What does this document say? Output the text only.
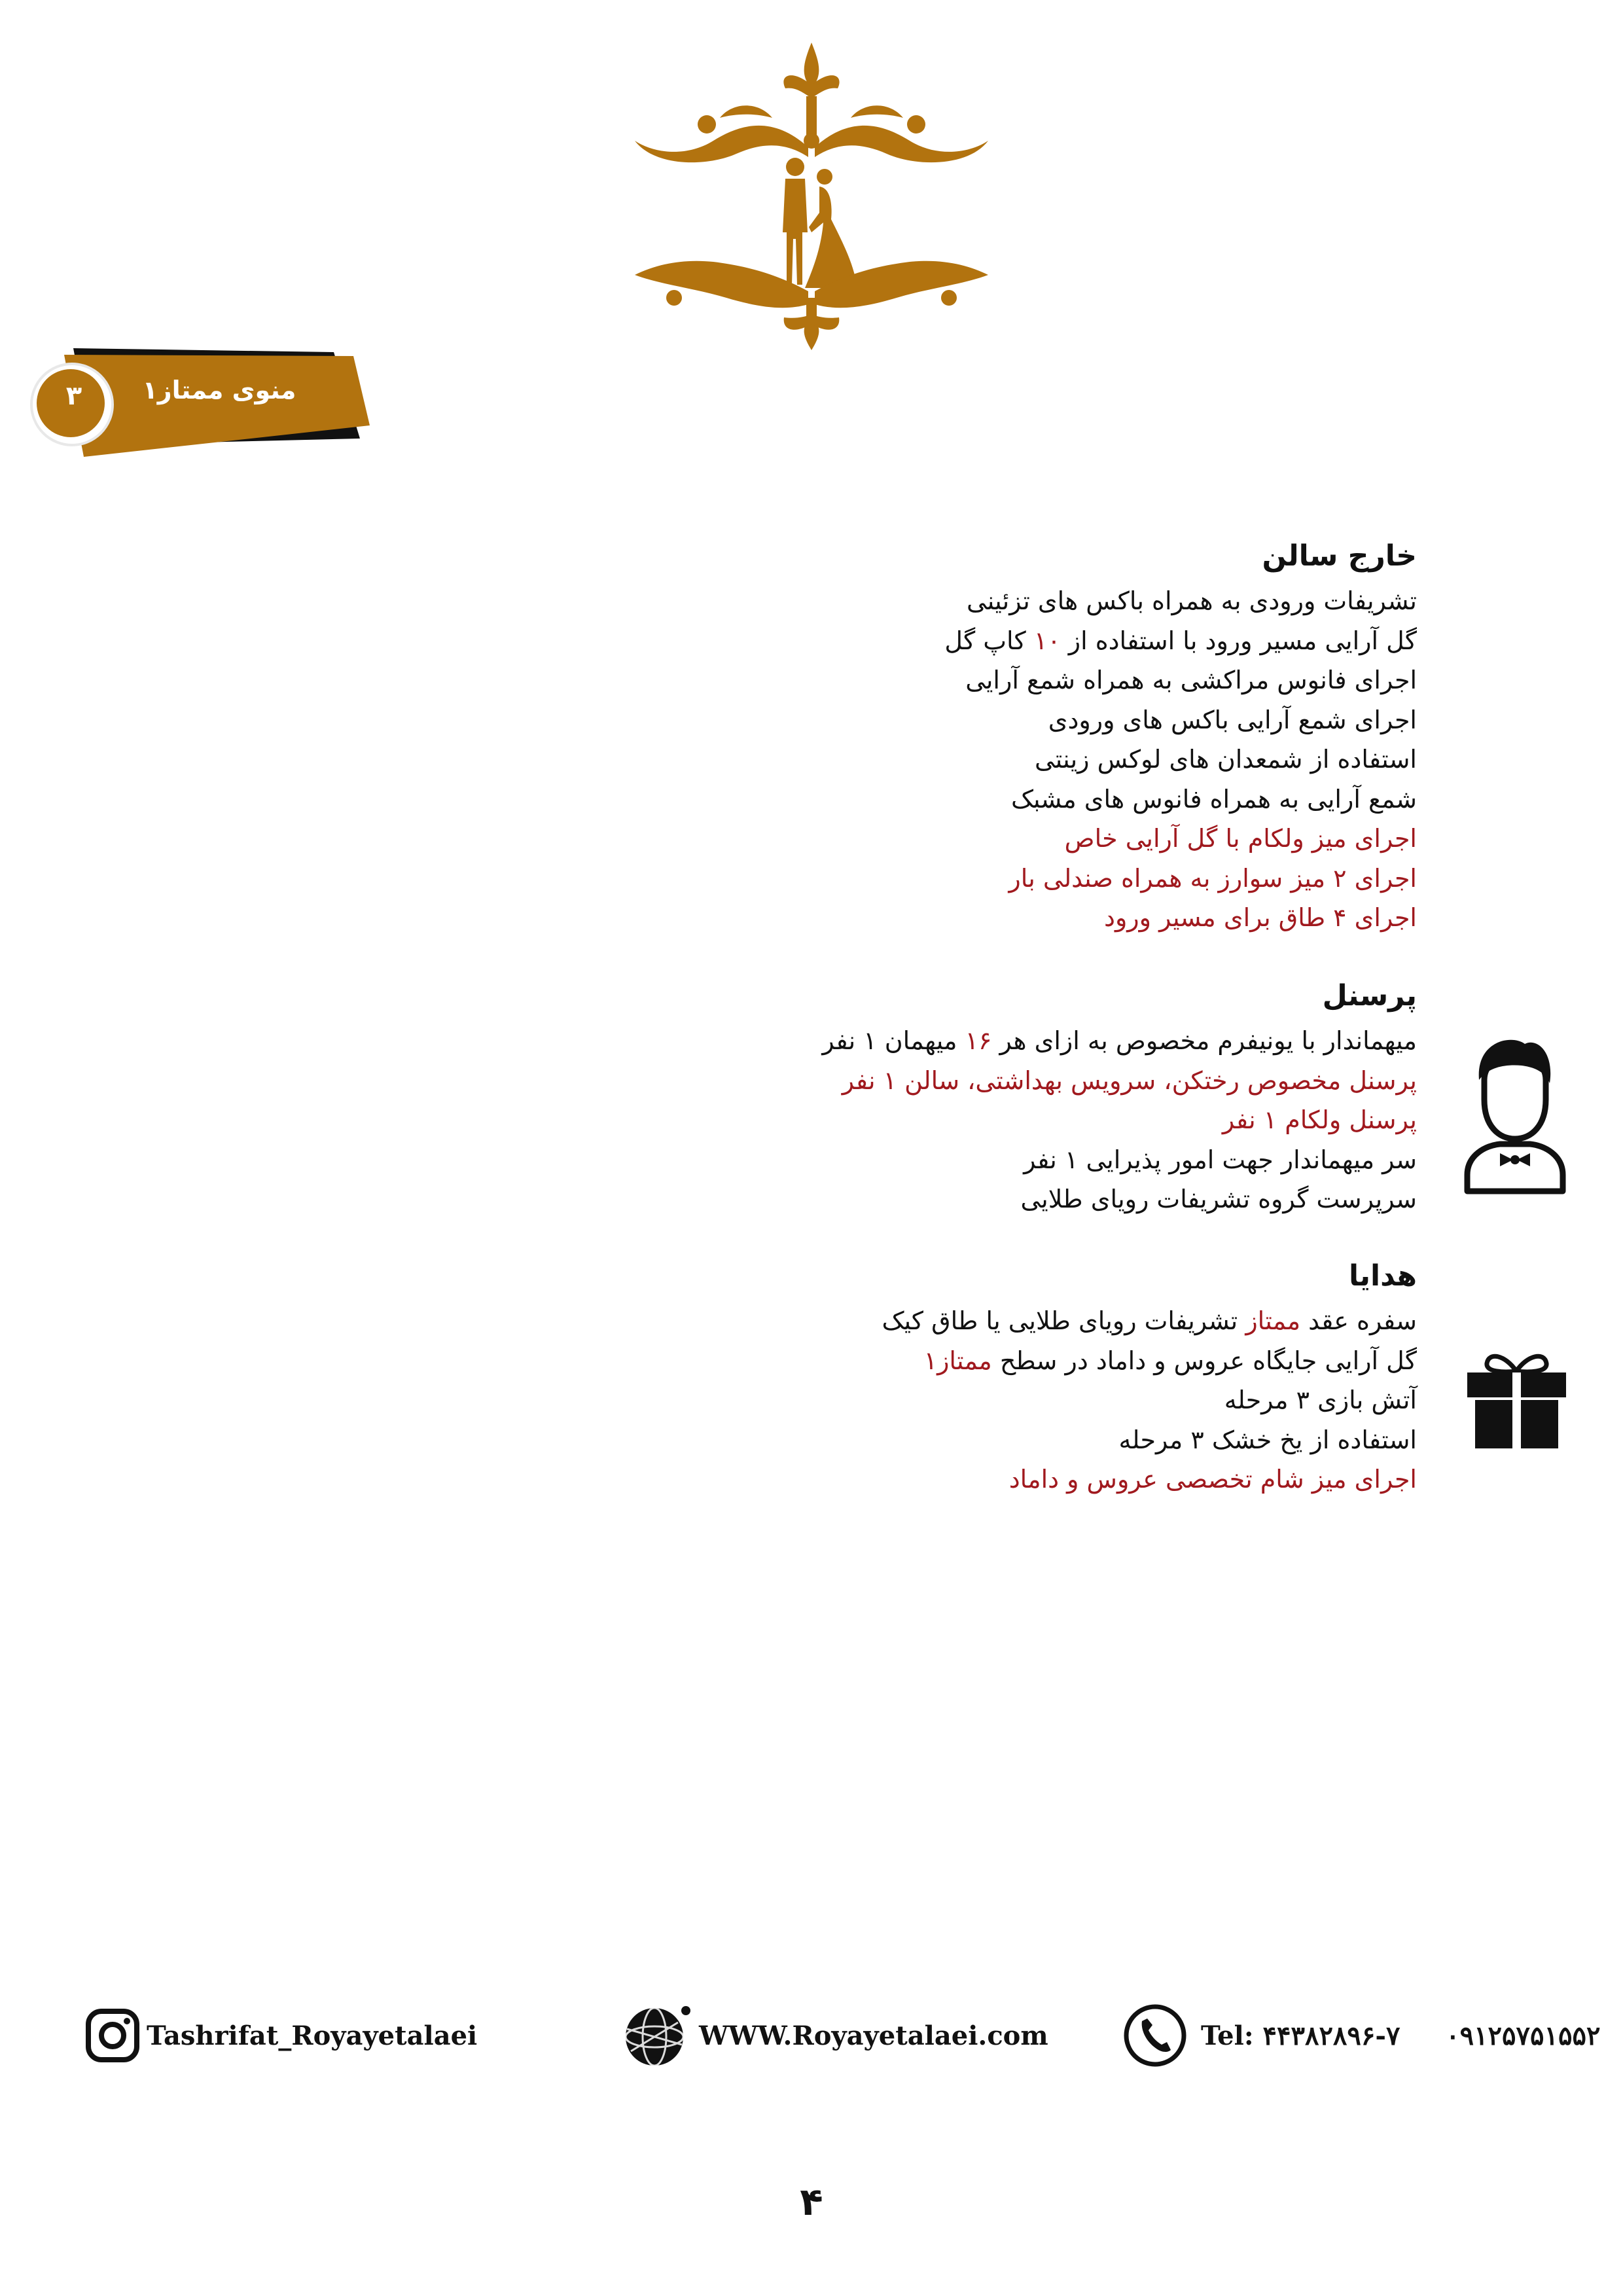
منوی ممتاز۱
۳
خارج سالن
تشریفات ورودی به همراه باکس های تزئینی
گل آرایی مسیر ورود با استفاده از ۱۰ کاپ گل
اجرای فانوس مراکشی به همراه شمع آرایی
اجرای شمع آرایی باکس های ورودی
استفاده از شمعدان های لوکس زینتی
شمع آرایی به همراه فانوس های مشبک
اجرای میز ولکام با گل آرایی خاص
اجرای ۲ میز سوارز به همراه صندلی بار
اجرای ۴ طاق برای مسیر ورود
پرسنل
میهماندار با یونیفرم مخصوص به ازای هر ۱۶ میهمان ۱ نفر
پرسنل مخصوص رختکن، سرویس بهداشتی، سالن ۱ نفر
پرسنل ولکام ۱ نفر
سر میهماندار جهت امور پذیرایی ۱ نفر
سرپرست گروه تشریفات رویای طلایی
هدایا
سفره عقد ممتاز تشریفات رویای طلایی یا طاق کیک
گل آرایی جایگاه عروس و داماد در سطح ممتاز۱
آتش بازی ۳ مرحله
استفاده از یخ خشک ۳ مرحله
اجرای میز شام تخصصی عروس و داماد
Tashrifat_Royayetalaei	WWW.Royayetalaei.com	Tel: ۴۴۳۸۲۸۹۶-۷     ۰۹۱۲۵۷۵۱۵۵۲
۴
